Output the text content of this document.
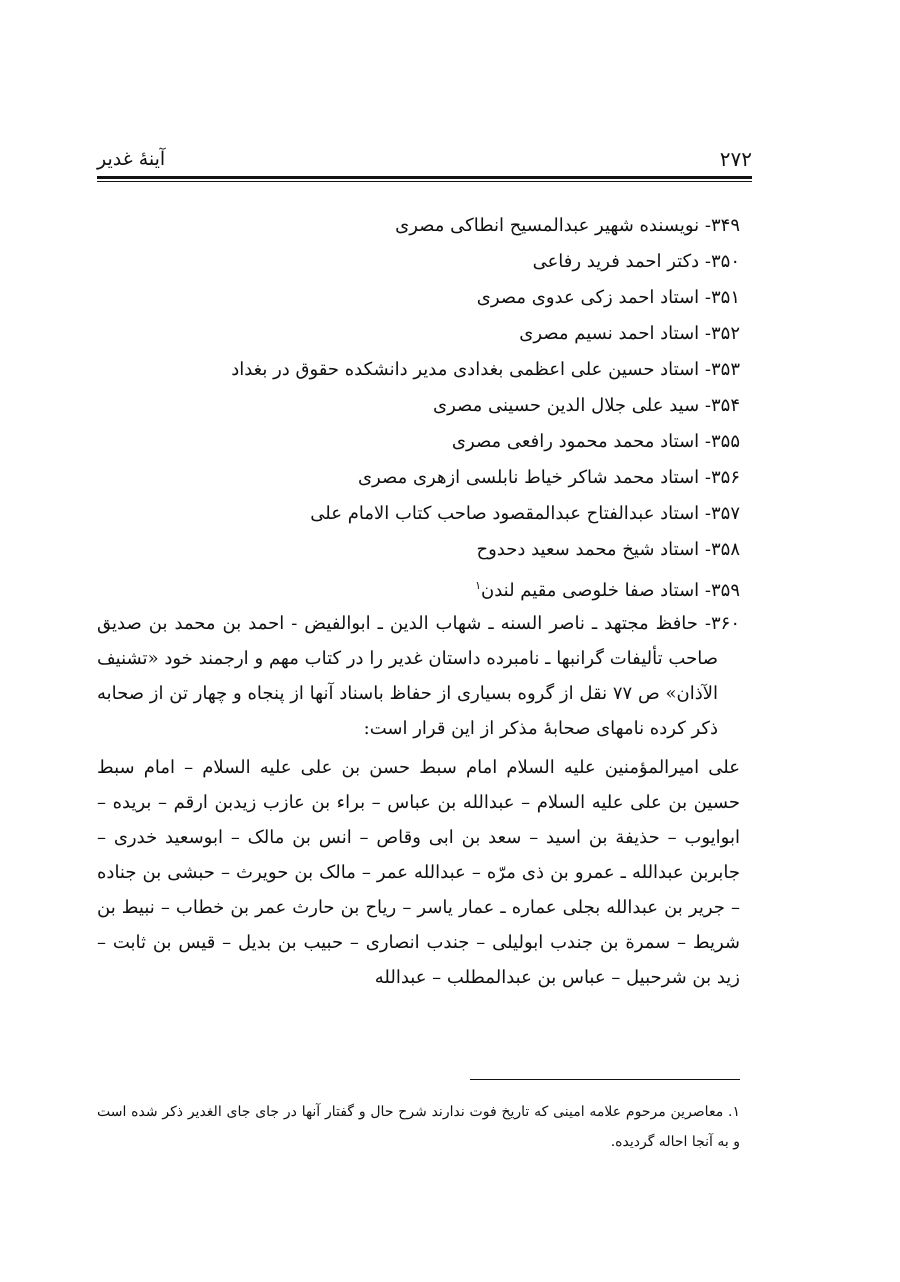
۲۷۲
آینهٔ غدیر
۳۴۹- نویسنده شهیر عبدالمسیح انطاکی مصری
۳۵۰- دکتر احمد فرید رفاعی
۳۵۱- استاد احمد زکی عدوی مصری
۳۵۲- استاد احمد نسیم مصری
۳۵۳- استاد حسین علی اعظمی بغدادی مدیر دانشکده حقوق در بغداد
۳۵۴- سید علی جلال الدین حسینی مصری
۳۵۵- استاد محمد محمود رافعی مصری
۳۵۶- استاد محمد شاکر خیاط نابلسی ازهری مصری
۳۵۷- استاد عبدالفتاح عبدالمقصود صاحب کتاب الامام علی
۳۵۸- استاد شیخ محمد سعید دحدوح
۳۵۹- استاد صفا خلوصی مقیم لندن$^۱$
۳۶۰- حافظ مجتهد ـ ناصر السنه ـ شهاب الدین ـ ابوالفیض - احمد بن محمد بن صدیق صاحب تألیفات گرانبها ـ نامبرده داستان غدیر را در کتاب مهم و ارجمند خود «تشنیف الآذان» ص ۷۷ نقل از گروه بسیاری از حفاظ باسناد آنها از پنجاه و چهار تن از صحابه ذکر کرده نامهای صحابهٔ مذکر از این قرار است:
علی امیرالمؤمنین علیه السلام امام سبط حسن بن علی علیه السلام – امام سبط حسین بن علی علیه السلام – عبدالله بن عباس – براء بن عازب زیدبن ارقم – بریده – ابوایوب – حذیفة بن اسید – سعد بن ابی وقاص – انس بن مالک – ابوسعید خدری – جابربن عبدالله ـ عمرو بن ذی مرّه – عبدالله عمر – مالک بن حویرث – حبشی بن جناده – جریر بن عبدالله بجلی عماره ـ عمار یاسر – ریاح بن حارث عمر بن خطاب – نبیط بن شریط – سمرة بن جندب ابولیلی – جندب انصاری – حبیب بن بدیل – قیس بن ثابت – زید بن شرحبیل – عباس بن عبدالمطلب – عبدالله
۱. معاصرین مرحوم علامه امینی که تاریخ فوت ندارند شرح حال و گفتار آنها در جای جای الغدیر ذکر شده است و به آنجا احاله گردیده.
